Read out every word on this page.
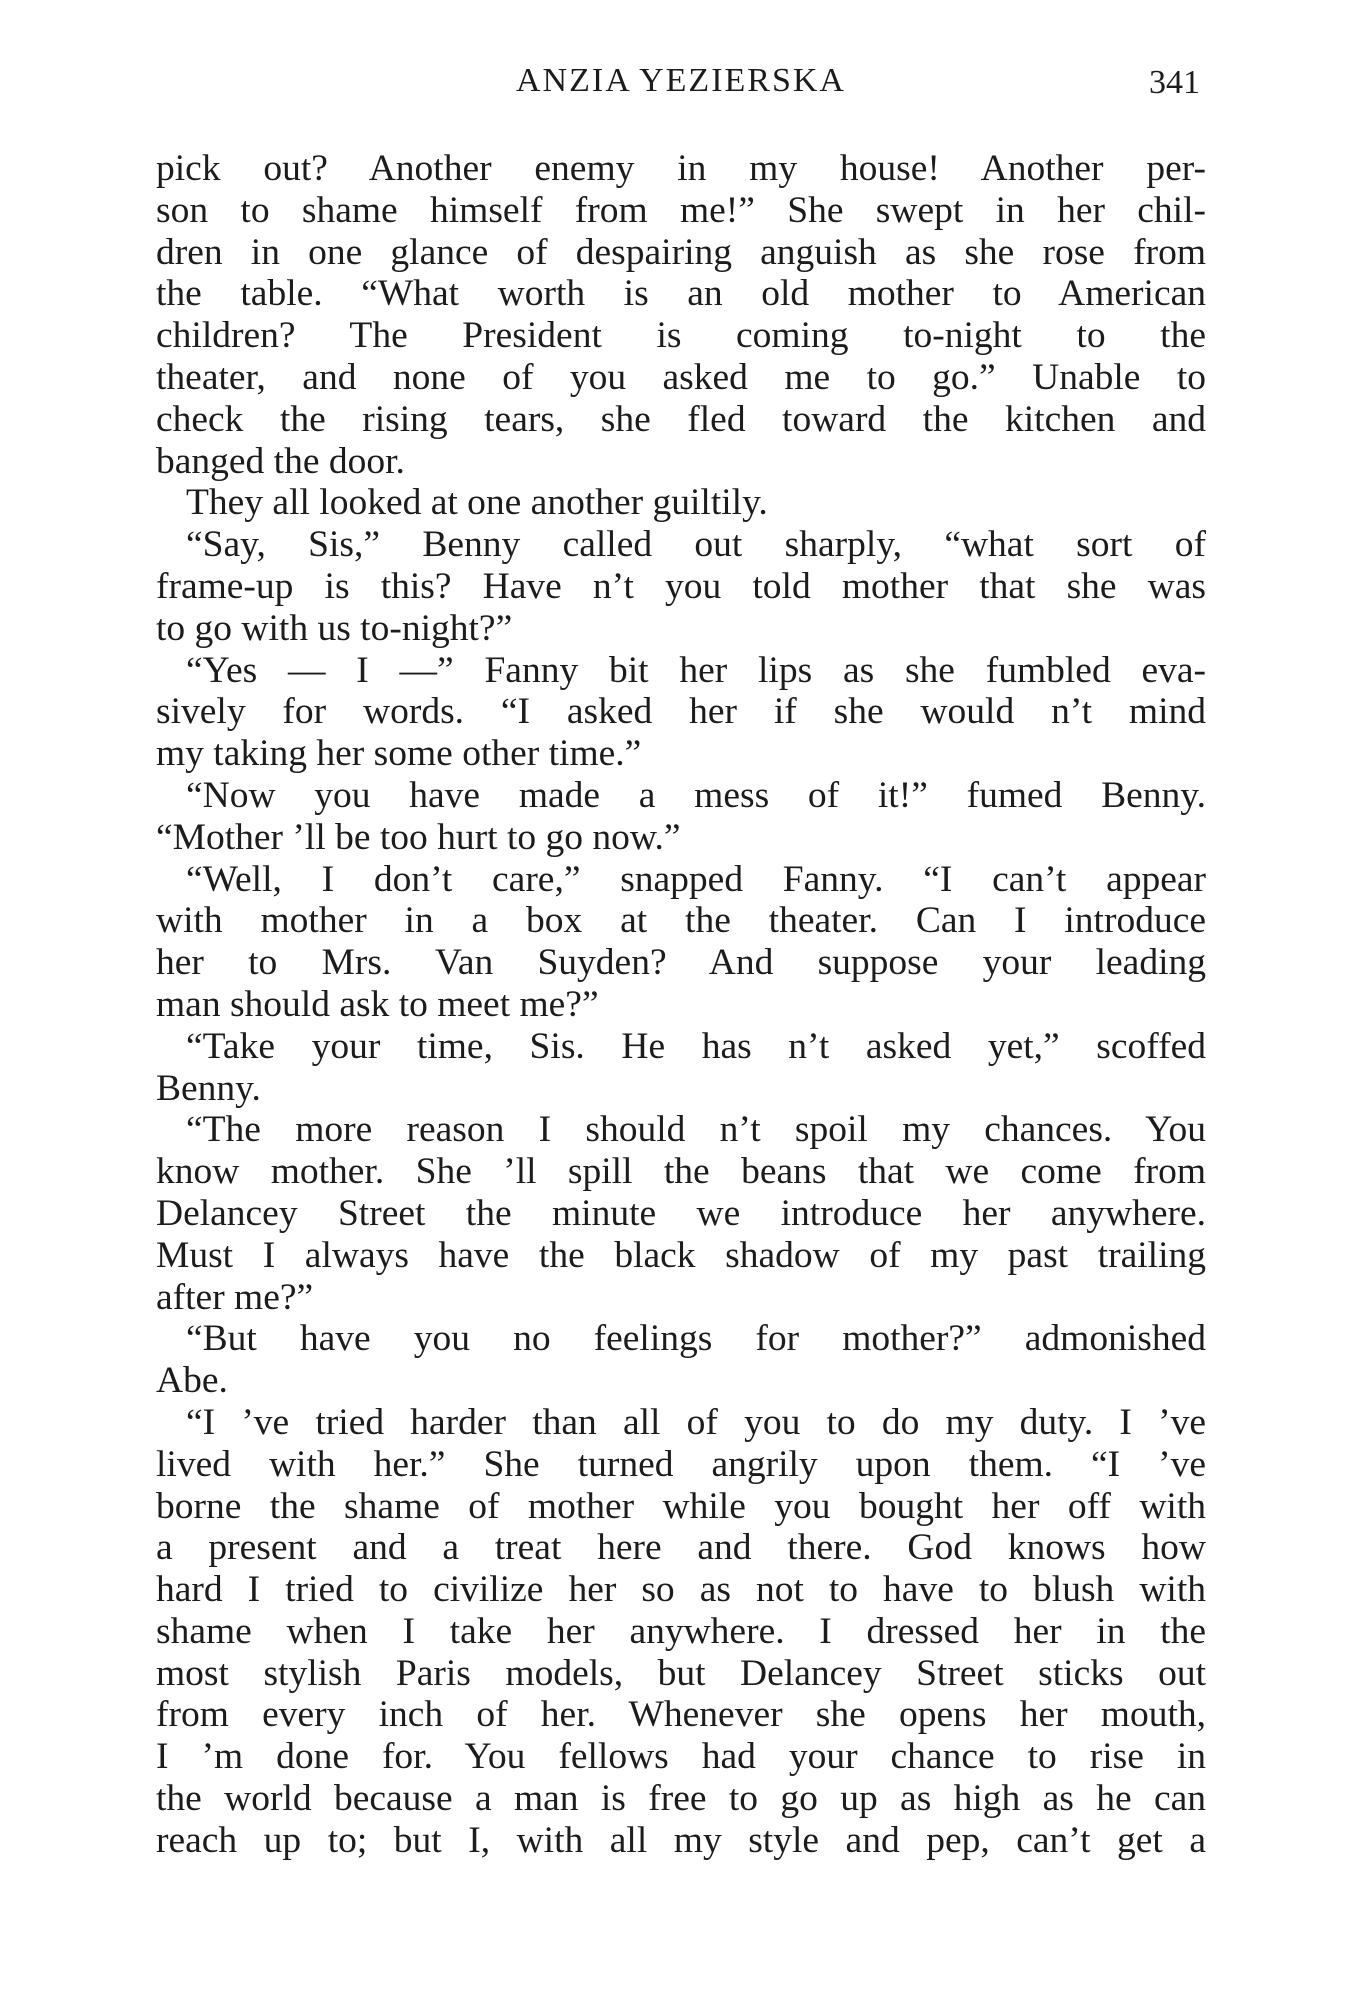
ANZIA YEZIERSKA	341
pick out? Another enemy in my house! Another per-
son to shame himself from me!” She swept in her chil-
dren in one glance of despairing anguish as she rose from
the table. “What worth is an old mother to American
children? The President is coming to-night to the
theater, and none of you asked me to go.” Unable to
check the rising tears, she fled toward the kitchen and
banged the door.
They all looked at one another guiltily.
“Say, Sis,” Benny called out sharply, “what sort of
frame-up is this? Have n’t you told mother that she was
to go with us to-night?”
“Yes — I —” Fanny bit her lips as she fumbled eva-
sively for words. “I asked her if she would n’t mind
my taking her some other time.”
“Now you have made a mess of it!” fumed Benny.
“Mother ’ll be too hurt to go now.”
“Well, I don’t care,” snapped Fanny. “I can’t appear
with mother in a box at the theater. Can I introduce
her to Mrs. Van Suyden? And suppose your leading
man should ask to meet me?”
“Take your time, Sis. He has n’t asked yet,” scoffed
Benny.
“The more reason I should n’t spoil my chances. You
know mother. She ’ll spill the beans that we come from
Delancey Street the minute we introduce her anywhere.
Must I always have the black shadow of my past trailing
after me?”
“But have you no feelings for mother?” admonished
Abe.
“I ’ve tried harder than all of you to do my duty. I ’ve
lived with her.” She turned angrily upon them. “I ’ve
borne the shame of mother while you bought her off with
a present and a treat here and there. God knows how
hard I tried to civilize her so as not to have to blush with
shame when I take her anywhere. I dressed her in the
most stylish Paris models, but Delancey Street sticks out
from every inch of her. Whenever she opens her mouth,
I ’m done for. You fellows had your chance to rise in
the world because a man is free to go up as high as he can
reach up to; but I, with all my style and pep, can’t get a
